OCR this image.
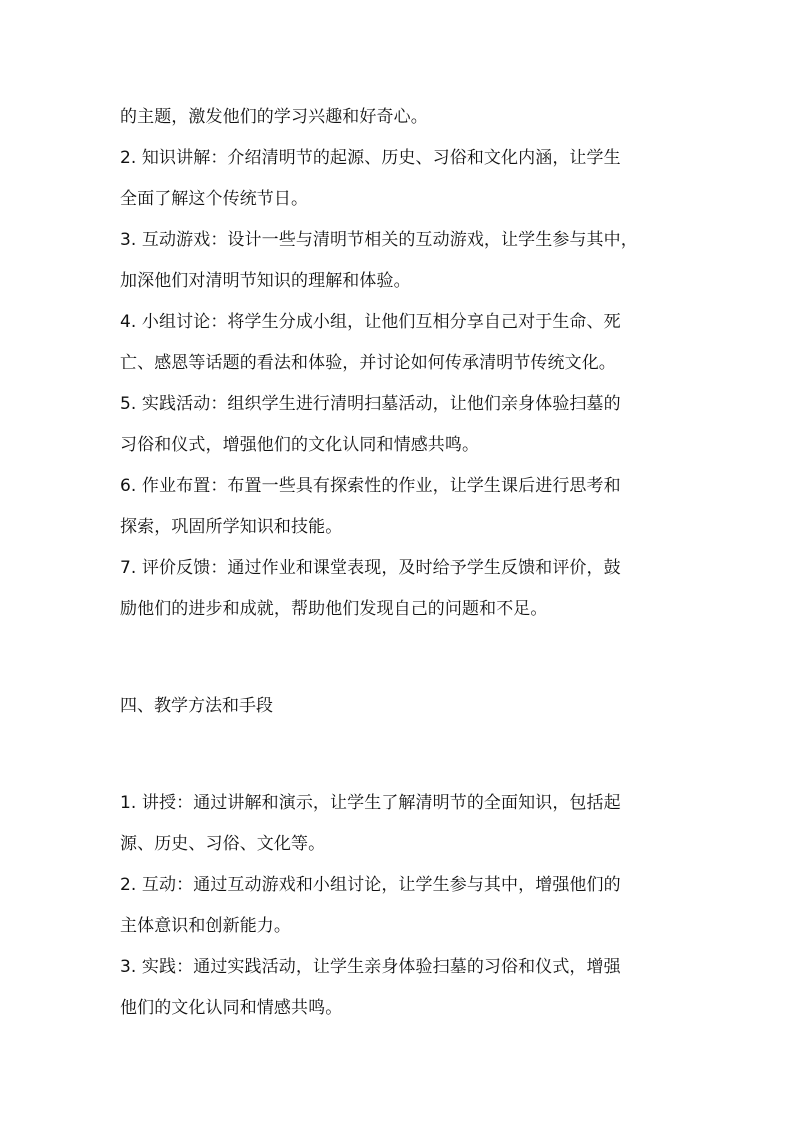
的主题，激发他们的学习兴趣和好奇心。

2. 知识讲解：介绍清明节的起源、历史、习俗和文化内涵，让学生

全面了解这个传统节日。

3. 互动游戏：设计一些与清明节相关的互动游戏，让学生参与其中，

加深他们对清明节知识的理解和体验。

4. 小组讨论：将学生分成小组，让他们互相分享自己对于生命、死

亡、感恩等话题的看法和体验，并讨论如何传承清明节传统文化。

5. 实践活动：组织学生进行清明扫墓活动，让他们亲身体验扫墓的

习俗和仪式，增强他们的文化认同和情感共鸣。

6. 作业布置：布置一些具有探索性的作业，让学生课后进行思考和

探索，巩固所学知识和技能。

7. 评价反馈：通过作业和课堂表现，及时给予学生反馈和评价，鼓

励他们的进步和成就，帮助他们发现自己的问题和不足。

四、教学方法和手段

1. 讲授：通过讲解和演示，让学生了解清明节的全面知识，包括起

源、历史、习俗、文化等。

2. 互动：通过互动游戏和小组讨论，让学生参与其中，增强他们的

主体意识和创新能力。

3. 实践：通过实践活动，让学生亲身体验扫墓的习俗和仪式，增强

他们的文化认同和情感共鸣。
